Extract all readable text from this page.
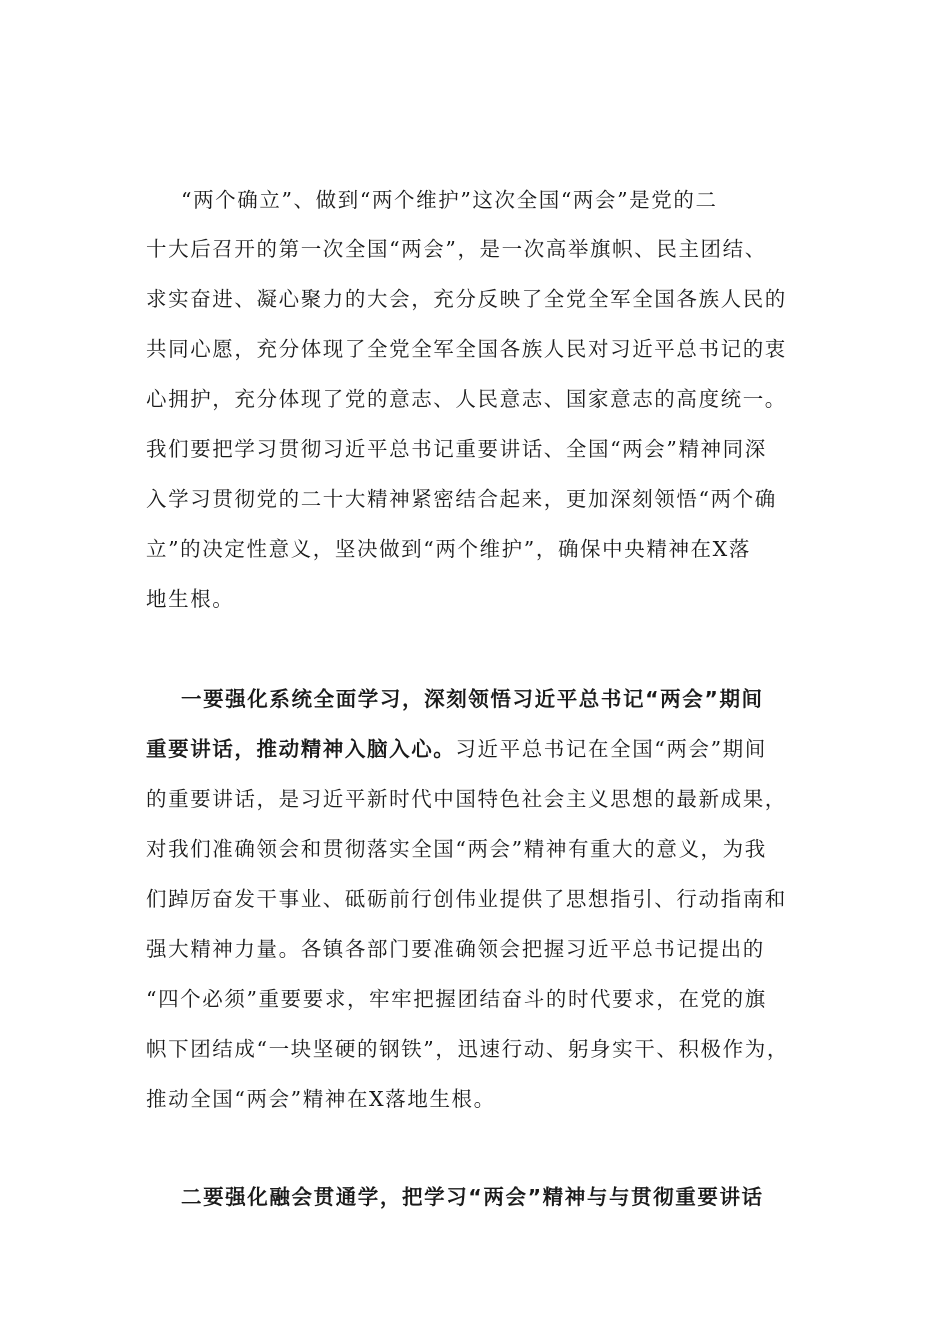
“两个确立”、做到“两个维护”这次全国“两会”是党的二
十大后召开的第一次全国“两会”，是一次高举旗帜、民主团结、
求实奋进、凝心聚力的大会，充分反映了全党全军全国各族人民的
共同心愿，充分体现了全党全军全国各族人民对习近平总书记的衷
心拥护，充分体现了党的意志、人民意志、国家意志的高度统一。
我们要把学习贯彻习近平总书记重要讲话、全国“两会”精神同深
入学习贯彻党的二十大精神紧密结合起来，更加深刻领悟“两个确
立”的决定性意义，坚决做到“两个维护”，确保中央精神在X落
地生根。
一要强化系统全面学习，深刻领悟习近平总书记“两会”期间
重要讲话，推动精神入脑入心。习近平总书记在全国“两会”期间
的重要讲话，是习近平新时代中国特色社会主义思想的最新成果，
对我们准确领会和贯彻落实全国“两会”精神有重大的意义，为我
们踔厉奋发干事业、砥砺前行创伟业提供了思想指引、行动指南和
强大精神力量。各镇各部门要准确领会把握习近平总书记提出的
“四个必须”重要要求，牢牢把握团结奋斗的时代要求，在党的旗
帜下团结成“一块坚硬的钢铁”，迅速行动、躬身实干、积极作为，
推动全国“两会”精神在X落地生根。
二要强化融会贯通学，把学习“两会”精神与与贯彻重要讲话
